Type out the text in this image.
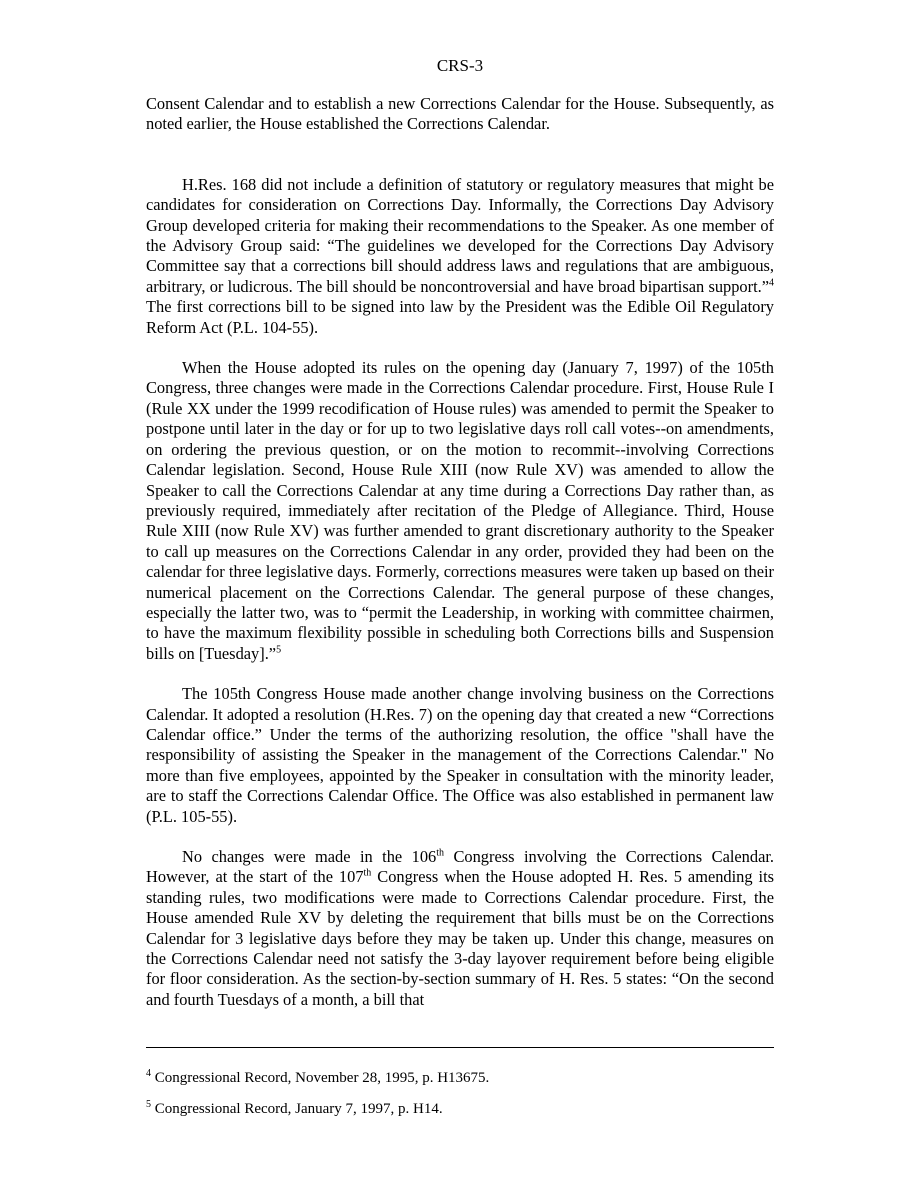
CRS-3

Consent Calendar and to establish a new Corrections Calendar for the House. Subsequently, as noted earlier, the House established the Corrections Calendar.

H.Res. 168 did not include a definition of statutory or regulatory measures that might be candidates for consideration on Corrections Day. Informally, the Corrections Day Advisory Group developed criteria for making their recommendations to the Speaker. As one member of the Advisory Group said: “The guidelines we developed for the Corrections Day Advisory Committee say that a corrections bill should address laws and regulations that are ambiguous, arbitrary, or ludicrous. The bill should be noncontroversial and have broad bipartisan support.”$^4$ The first corrections bill to be signed into law by the President was the Edible Oil Regulatory Reform Act (P.L. 104-55).

When the House adopted its rules on the opening day (January 7, 1997) of the 105th Congress, three changes were made in the Corrections Calendar procedure. First, House Rule I (Rule XX under the 1999 recodification of House rules) was amended to permit the Speaker to postpone until later in the day or for up to two legislative days roll call votes--on amendments, on ordering the previous question, or on the motion to recommit--involving Corrections Calendar legislation. Second, House Rule XIII (now Rule XV) was amended to allow the Speaker to call the Corrections Calendar at any time during a Corrections Day rather than, as previously required, immediately after recitation of the Pledge of Allegiance. Third, House Rule XIII (now Rule XV) was further amended to grant discretionary authority to the Speaker to call up measures on the Corrections Calendar in any order, provided they had been on the calendar for three legislative days. Formerly, corrections measures were taken up based on their numerical placement on the Corrections Calendar. The general purpose of these changes, especially the latter two, was to “permit the Leadership, in working with committee chairmen, to have the maximum flexibility possible in scheduling both Corrections bills and Suspension bills on [Tuesday].”$^5$

The 105th Congress House made another change involving business on the Corrections Calendar. It adopted a resolution (H.Res. 7) on the opening day that created a new “Corrections Calendar office.” Under the terms of the authorizing resolution, the office "shall have the responsibility of assisting the Speaker in the management of the Corrections Calendar." No more than five employees, appointed by the Speaker in consultation with the minority leader, are to staff the Corrections Calendar Office. The Office was also established in permanent law (P.L. 105-55).

No changes were made in the 106th Congress involving the Corrections Calendar. However, at the start of the 107th Congress when the House adopted H. Res. 5 amending its standing rules, two modifications were made to Corrections Calendar procedure. First, the House amended Rule XV by deleting the requirement that bills must be on the Corrections Calendar for 3 legislative days before they may be taken up. Under this change, measures on the Corrections Calendar need not satisfy the 3-day layover requirement before being eligible for floor consideration. As the section-by-section summary of H. Res. 5 states: “On the second and fourth Tuesdays of a month, a bill that

$^4$ Congressional Record, November 28, 1995, p. H13675.

$^5$ Congressional Record, January 7, 1997, p. H14.
